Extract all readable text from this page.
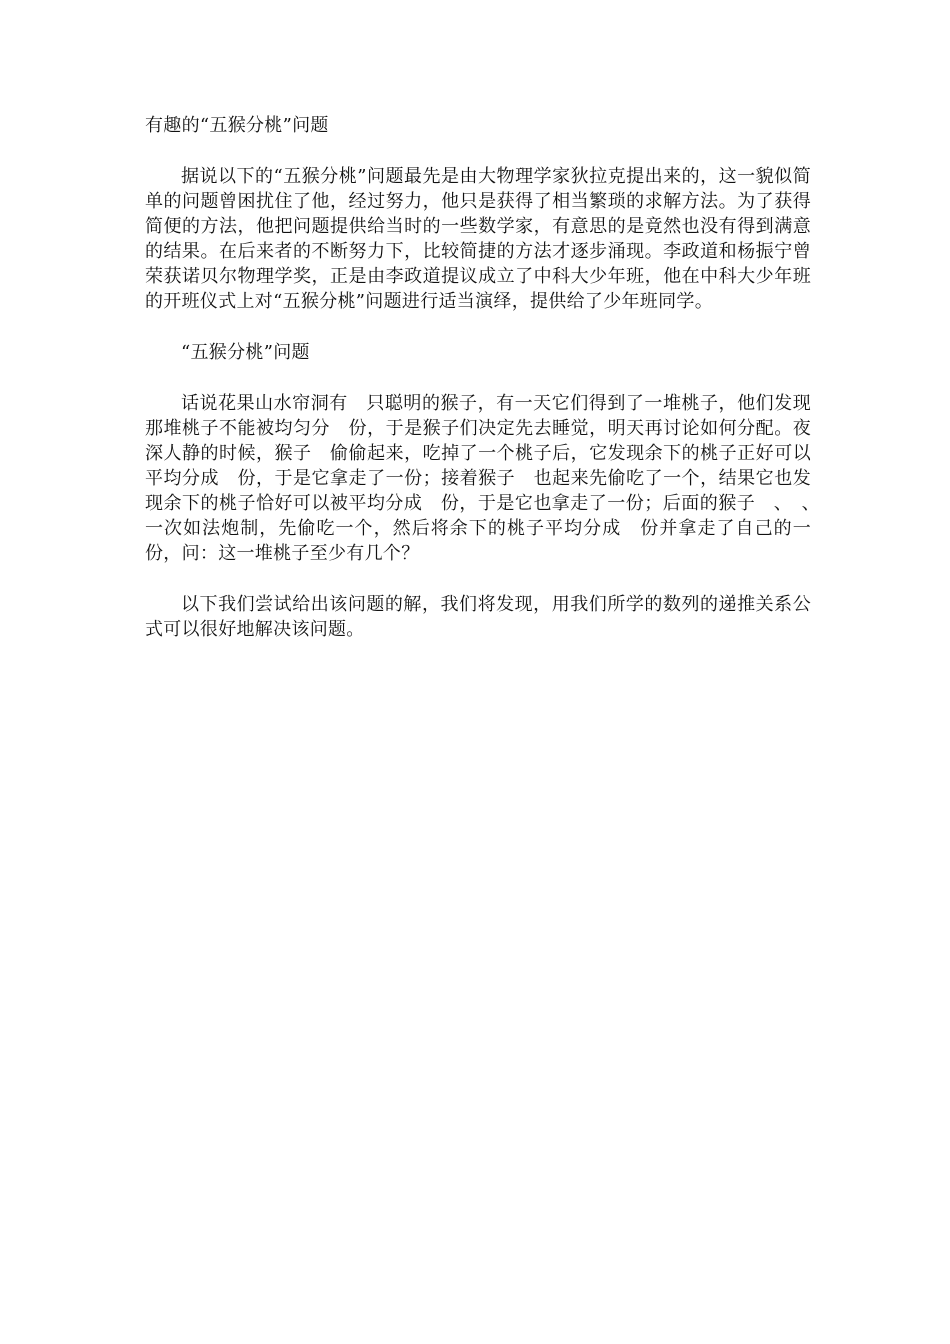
有趣的“五猴分桃”问题

据说以下的“五猴分桃”问题最先是由大物理学家狄拉克提出来的，这一貌似简单的问题曾困扰住了他，经过努力，他只是获得了相当繁琐的求解方法。为了获得简便的方法，他把问题提供给当时的一些数学家，有意思的是竟然也没有得到满意的结果。在后来者的不断努力下，比较简捷的方法才逐步涌现。李政道和杨振宁曾荣获诺贝尔物理学奖，正是由李政道提议成立了中科大少年班，他在中科大少年班的开班仪式上对“五猴分桃”问题进行适当演绎，提供给了少年班同学。

“五猴分桃”问题

话说花果山水帘洞有　只聪明的猴子，有一天它们得到了一堆桃子，他们发现那堆桃子不能被均匀分　份，于是猴子们决定先去睡觉，明天再讨论如何分配。夜深人静的时候，猴子　偷偷起来，吃掉了一个桃子后，它发现余下的桃子正好可以平均分成　份，于是它拿走了一份；接着猴子　也起来先偷吃了一个，结果它也发现余下的桃子恰好可以被平均分成　份，于是它也拿走了一份；后面的猴子　、　、　一次如法炮制，先偷吃一个，然后将余下的桃子平均分成　份并拿走了自己的一份，问：这一堆桃子至少有几个？

以下我们尝试给出该问题的解，我们将发现，用我们所学的数列的递推关系公式可以很好地解决该问题。
